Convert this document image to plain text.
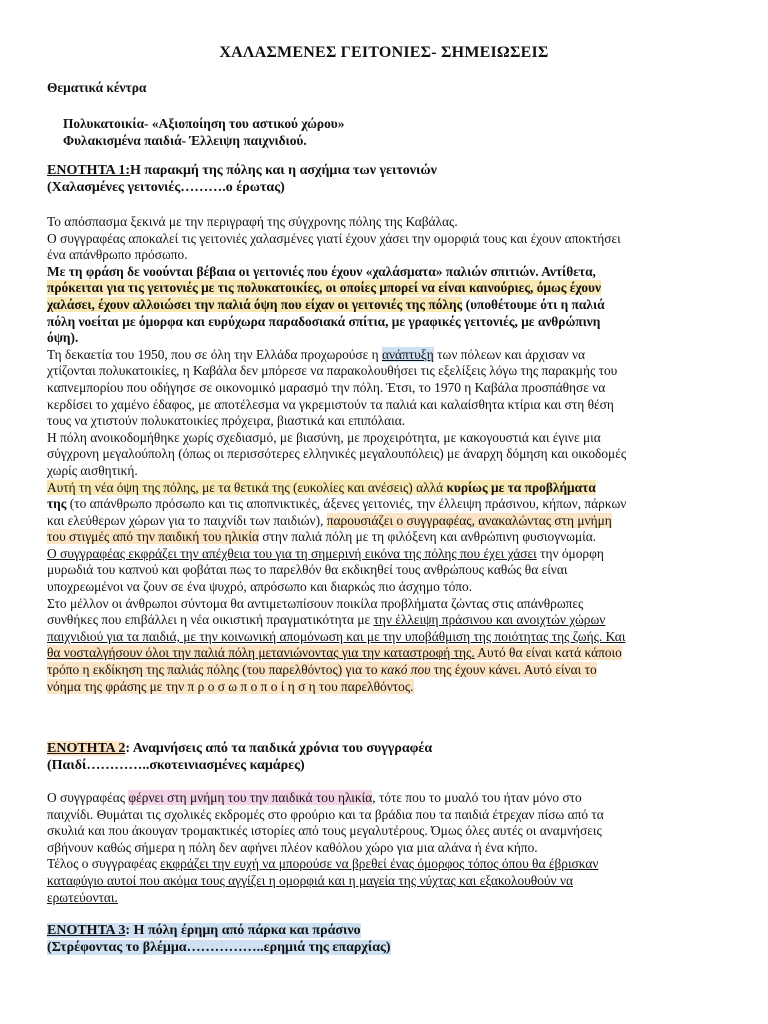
ΧΑΛΑΣΜΕΝΕΣ ΓΕΙΤΟΝΙΕΣ- ΣΗΜΕΙΩΣΕΙΣ
Θεματικά κέντρα
Πολυκατοικία- «Αξιοποίηση του αστικού χώρου»
Φυλακισμένα παιδιά- Έλλειψη παιχνιδιού.
ΕΝΟΤΗΤΑ 1:Η παρακμή της πόλης και η ασχήμια των γειτονιών
(Χαλασμένες γειτονιές……….ο έρωτας)
Το απόσπασμα ξεκινά με την περιγραφή της σύγχρονης πόλης της Καβάλας.
Ο συγγραφέας αποκαλεί τις γειτονιές χαλασμένες γιατί έχουν χάσει την ομορφιά τους και έχουν αποκτήσει
ένα απάνθρωπο πρόσωπο.
Με τη φράση δε νοούνται βέβαια οι γειτονιές που έχουν «χαλάσματα» παλιών σπιτιών. Αντίθετα,
πρόκειται για τις γειτονιές με τις πολυκατοικίες, οι οποίες μπορεί να είναι καινούριες, όμως έχουν
χαλάσει, έχουν αλλοιώσει την παλιά όψη που είχαν οι γειτονιές της πόλης (υποθέτουμε ότι η παλιά
πόλη νοείται με όμορφα και ευρύχωρα παραδοσιακά σπίτια, με γραφικές γειτονιές, με ανθρώπινη
όψη).
Τη δεκαετία του 1950, που σε όλη την Ελλάδα προχωρούσε η ανάπτυξη των πόλεων και άρχισαν να
χτίζονται πολυκατοικίες, η Καβάλα δεν μπόρεσε να παρακολουθήσει τις εξελίξεις λόγω της παρακμής του
καπνεμπορίου που οδήγησε σε οικονομικό μαρασμό την πόλη. Έτσι, το 1970 η Καβάλα προσπάθησε να
κερδίσει το χαμένο έδαφος, με αποτέλεσμα να γκρεμιστούν τα παλιά και καλαίσθητα κτίρια και στη θέση
τους να χτιστούν πολυκατοικίες πρόχειρα, βιαστικά και επιπόλαια.
Η πόλη ανοικοδομήθηκε χωρίς σχεδιασμό, με βιασύνη, με προχειρότητα, με κακογουστιά και έγινε μια
σύγχρονη μεγαλούπολη (όπως οι περισσότερες ελληνικές μεγαλουπόλεις) με άναρχη δόμηση και οικοδομές
χωρίς αισθητική.
Αυτή τη νέα όψη της πόλης, με τα θετικά της (ευκολίες και ανέσεις) αλλά κυρίως με τα προβλήματα
της (το απάνθρωπο πρόσωπο και τις αποπνικτικές, άξενες γειτονιές, την έλλειψη πράσινου, κήπων, πάρκων
και ελεύθερων χώρων για το παιχνίδι των παιδιών), παρουσιάζει ο συγγραφέας, ανακαλώντας στη μνήμη
του στιγμές από την παιδική του ηλικία στην παλιά πόλη με τη φιλόξενη και ανθρώπινη φυσιογνωμία.
Ο συγγραφέας εκφράζει την απέχθεια του για τη σημερινή εικόνα της πόλης που έχει χάσει την όμορφη
μυρωδιά του καπνού και φοβάται πως το παρελθόν θα εκδικηθεί τους ανθρώπους καθώς θα είναι
υποχρεωμένοι να ζουν σε ένα ψυχρό, απρόσωπο και διαρκώς πιο άσχημο τόπο.
Στο μέλλον οι άνθρωποι σύντομα θα αντιμετωπίσουν ποικίλα προβλήματα ζώντας στις απάνθρωπες
συνθήκες που επιβάλλει η νέα οικιστική πραγματικότητα με την έλλειψη πράσινου και ανοιχτών χώρων
παιχνιδιού για τα παιδιά, με την κοινωνική απομόνωση και με την υποβάθμιση της ποιότητας της ζωής. Και
θα νοσταλγήσουν όλοι την παλιά πόλη μετανιώνοντας για την καταστροφή της. Αυτό θα είναι κατά κάποιο
τρόπο η εκδίκηση της παλιάς πόλης (του παρελθόντος) για το κακό που της έχουν κάνει. Αυτό είναι το
νόημα της φράσης με την π ρ ο σ ω π ο π ο ί η σ η του παρελθόντος.
ΕΝΟΤΗΤΑ 2: Αναμνήσεις από τα παιδικά χρόνια του συγγραφέα
(Παιδί…………..σκοτεινιασμένες καμάρες)
Ο συγγραφέας φέρνει στη μνήμη του την παιδικά του ηλικία, τότε που το μυαλό του ήταν μόνο στο
παιχνίδι. Θυμάται τις σχολικές εκδρομές στο φρούριο και τα βράδια που τα παιδιά έτρεχαν πίσω από τα
σκυλιά και που άκουγαν τρομακτικές ιστορίες από τους μεγαλυτέρους. Όμως όλες αυτές οι αναμνήσεις
σβήνουν καθώς σήμερα η πόλη δεν αφήνει πλέον καθόλου χώρο για μια αλάνα ή ένα κήπο.
Τέλος ο συγγραφέας εκφράζει την ευχή να μπορούσε να βρεθεί ένας όμορφος τόπος όπου θα έβρισκαν
καταφύγιο αυτοί που ακόμα τους αγγίζει η ομορφιά και η μαγεία της νύχτας και εξακολουθούν να
ερωτεύονται.
ΕΝΟΤΗΤΑ 3: Η πόλη έρημη από πάρκα και πράσινο
(Στρέφοντας το βλέμμα……………..ερημιά της επαρχίας)
